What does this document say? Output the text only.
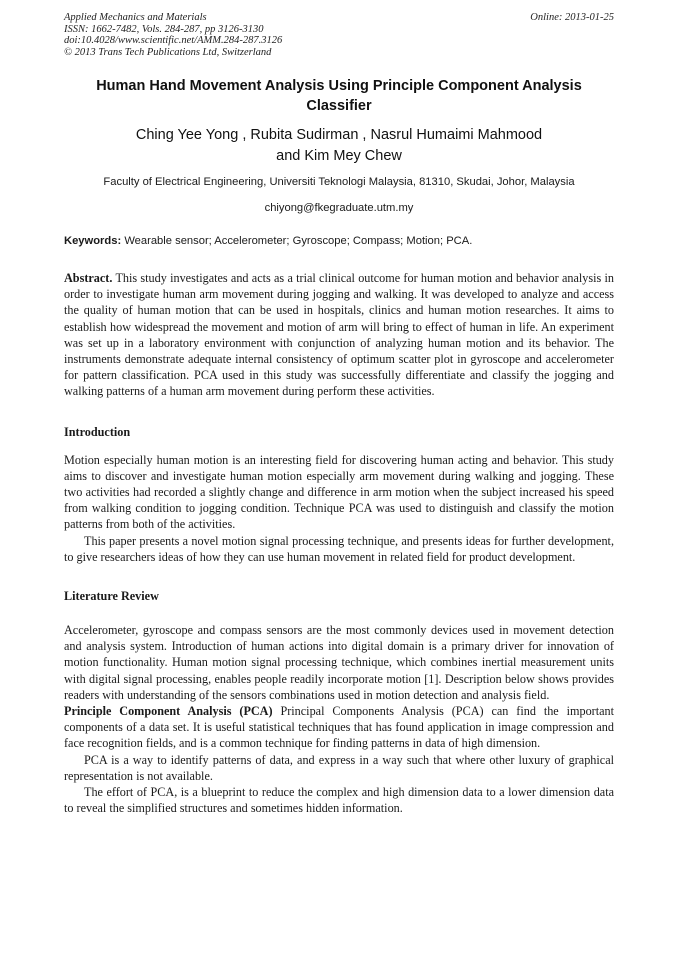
Applied Mechanics and Materials
ISSN: 1662-7482, Vols. 284-287, pp 3126-3130
doi:10.4028/www.scientific.net/AMM.284-287.3126
© 2013 Trans Tech Publications Ltd, Switzerland
Online: 2013-01-25
Human Hand Movement Analysis Using Principle Component Analysis
Classifier
Ching Yee Yong , Rubita Sudirman , Nasrul Humaimi Mahmood
and Kim Mey Chew
Faculty of Electrical Engineering, Universiti Teknologi Malaysia, 81310, Skudai, Johor, Malaysia
chiyong@fkegraduate.utm.my
Keywords: Wearable sensor; Accelerometer; Gyroscope; Compass; Motion; PCA.

Abstract. This study investigates and acts as a trial clinical outcome for human motion and behavior analysis in order to investigate human arm movement during jogging and walking. It was developed to analyze and access the quality of human motion that can be used in hospitals, clinics and human motion researches. It aims to establish how widespread the movement and motion of arm will bring to effect of human in life. An experiment was set up in a laboratory environment with conjunction of analyzing human motion and its behavior. The instruments demonstrate adequate internal consistency of optimum scatter plot in gyroscope and accelerometer for pattern classification. PCA used in this study was successfully differentiate and classify the jogging and walking patterns of a human arm movement during perform these activities.

Introduction

Motion especially human motion is an interesting field for discovering human acting and behavior. This study aims to discover and investigate human motion especially arm movement during walking and jogging. These two activities had recorded a slightly change and difference in arm motion when the subject increased his speed from walking condition to jogging condition. Technique PCA was used to distinguish and classify the motion patterns from both of the activities.

This paper presents a novel motion signal processing technique, and presents ideas for further development, to give researchers ideas of how they can use human movement in related field for product development.

Literature Review

Accelerometer, gyroscope and compass sensors are the most commonly devices used in movement detection and analysis system. Introduction of human actions into digital domain is a primary driver for innovation of motion functionality. Human motion signal processing technique, which combines inertial measurement units with digital signal processing, enables people readily incorporate motion [1]. Description below shows provides readers with understanding of the sensors combinations used in motion detection and analysis field.

Principle Component Analysis (PCA) Principal Components Analysis (PCA) can find the important components of a data set. It is useful statistical techniques that has found application in image compression and face recognition fields, and is a common technique for finding patterns in data of high dimension.

PCA is a way to identify patterns of data, and express in a way such that where other luxury of graphical representation is not available.

The effort of PCA, is a blueprint to reduce the complex and high dimension data to a lower dimension data to reveal the simplified structures and sometimes hidden information.
